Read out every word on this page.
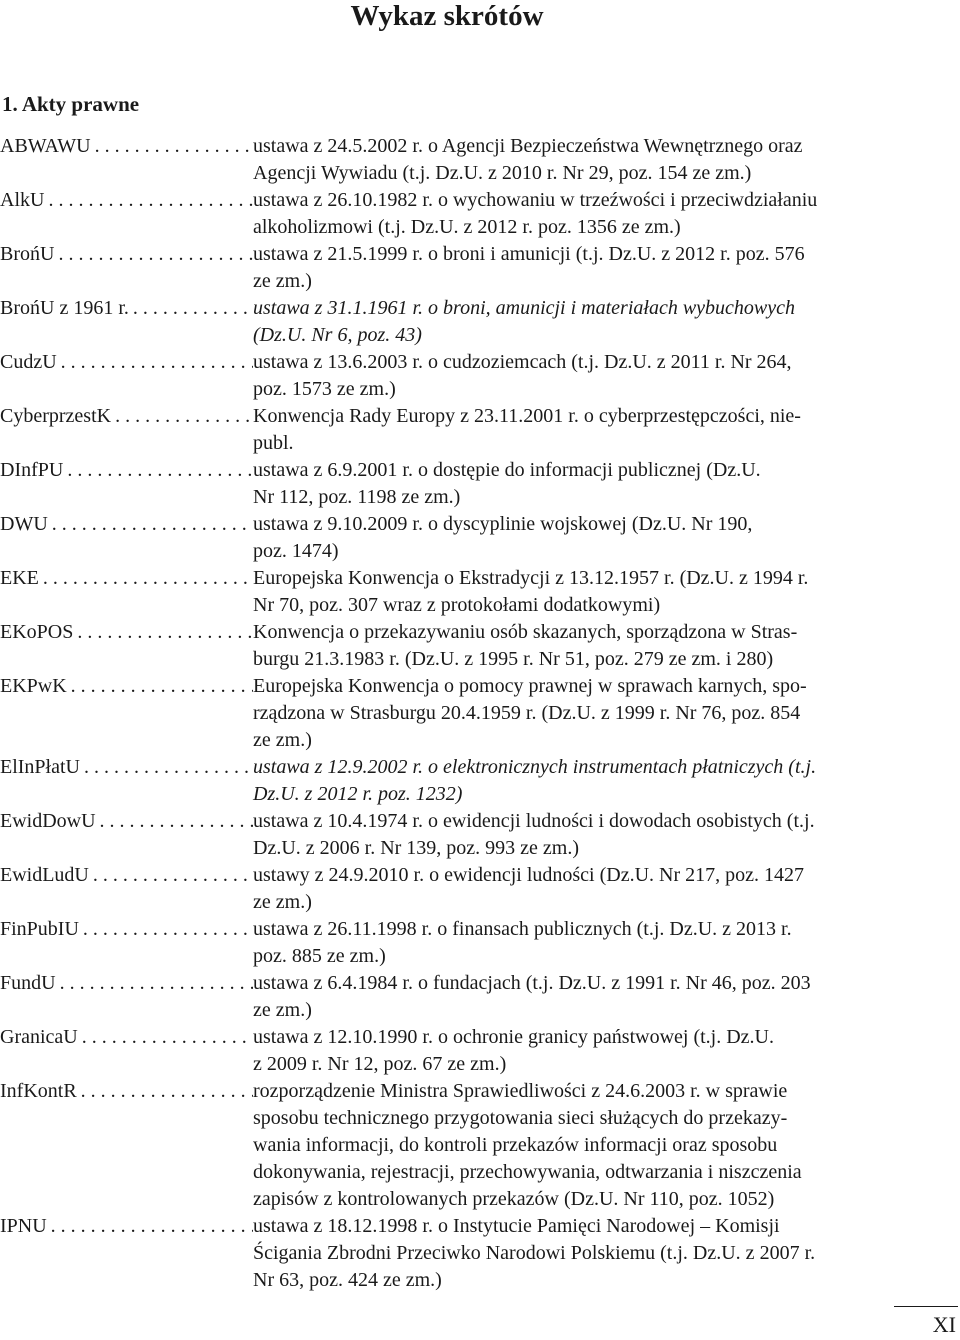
Wykaz skrótów
1. Akty prawne
ABWAWU . . .	ustawa z 24.5.2002 r. o Agencji Bezpieczeństwa Wewnętrznego oraz
Agencji Wywiadu (t.j. Dz.U. z 2010 r. Nr 29, poz. 154 ze zm.)
AlkU . . .	ustawa z 26.10.1982 r. o wychowaniu w trzeźwości i przeciwdziałaniu
alkoholizmowi (t.j. Dz.U. z 2012 r. poz. 1356 ze zm.)
BrońU . . .	ustawa z 21.5.1999 r. o broni i amunicji (t.j. Dz.U. z 2012 r. poz. 576
ze zm.)
BrońU z 1961 r. . . .	ustawa z 31.1.1961 r. o broni, amunicji i materiałach wybuchowych
(Dz.U. Nr 6, poz. 43)
CudzU . . .	ustawa z 13.6.2003 r. o cudzoziemcach (t.j. Dz.U. z 2011 r. Nr 264,
poz. 1573 ze zm.)
CyberprzestK . . .	Konwencja Rady Europy z 23.11.2001 r. o cyberprzestępczości, nie-
publ.
DInfPU . . .	ustawa z 6.9.2001 r. o dostępie do informacji publicznej (Dz.U.
Nr 112, poz. 1198 ze zm.)
DWU . . .	ustawa z 9.10.2009 r. o dyscyplinie wojskowej (Dz.U. Nr 190,
poz. 1474)
EKE . . .	Europejska Konwencja o Ekstradycji z 13.12.1957 r. (Dz.U. z 1994 r.
Nr 70, poz. 307 wraz z protokołami dodatkowymi)
EKoPOS . . .	Konwencja o przekazywaniu osób skazanych, sporządzona w Stras-
burgu 21.3.1983 r. (Dz.U. z 1995 r. Nr 51, poz. 279 ze zm. i 280)
EKPwK . . .	Europejska Konwencja o pomocy prawnej w sprawach karnych, spo-
rządzona w Strasburgu 20.4.1959 r. (Dz.U. z 1999 r. Nr 76, poz. 854
ze zm.)
ElInPłatU . . .	ustawa z 12.9.2002 r. o elektronicznych instrumentach płatniczych (t.j.
Dz.U. z 2012 r. poz. 1232)
EwidDowU . . .	ustawa z 10.4.1974 r. o ewidencji ludności i dowodach osobistych (t.j.
Dz.U. z 2006 r. Nr 139, poz. 993 ze zm.)
EwidLudU . . .	ustawy z 24.9.2010 r. o ewidencji ludności (Dz.U. Nr 217, poz. 1427
ze zm.)
FinPubIU . . .	ustawa z 26.11.1998 r. o finansach publicznych (t.j. Dz.U. z 2013 r.
poz. 885 ze zm.)
FundU . . .	ustawa z 6.4.1984 r. o fundacjach (t.j. Dz.U. z 1991 r. Nr 46, poz. 203
ze zm.)
GranicaU . . .	ustawa z 12.10.1990 r. o ochronie granicy państwowej (t.j. Dz.U.
z 2009 r. Nr 12, poz. 67 ze zm.)
InfKontR . . .	rozporządzenie Ministra Sprawiedliwości z 24.6.2003 r. w sprawie
sposobu technicznego przygotowania sieci służących do przekazy-
wania informacji, do kontroli przekazów informacji oraz sposobu
dokonywania, rejestracji, przechowywania, odtwarzania i niszczenia
zapisów z kontrolowanych przekazów (Dz.U. Nr 110, poz. 1052)
IPNU . . .	ustawa z 18.12.1998 r. o Instytucie Pamięci Narodowej – Komisji
Ścigania Zbrodni Przeciwko Narodowi Polskiemu (t.j. Dz.U. z 2007 r.
Nr 63, poz. 424 ze zm.)
XI
